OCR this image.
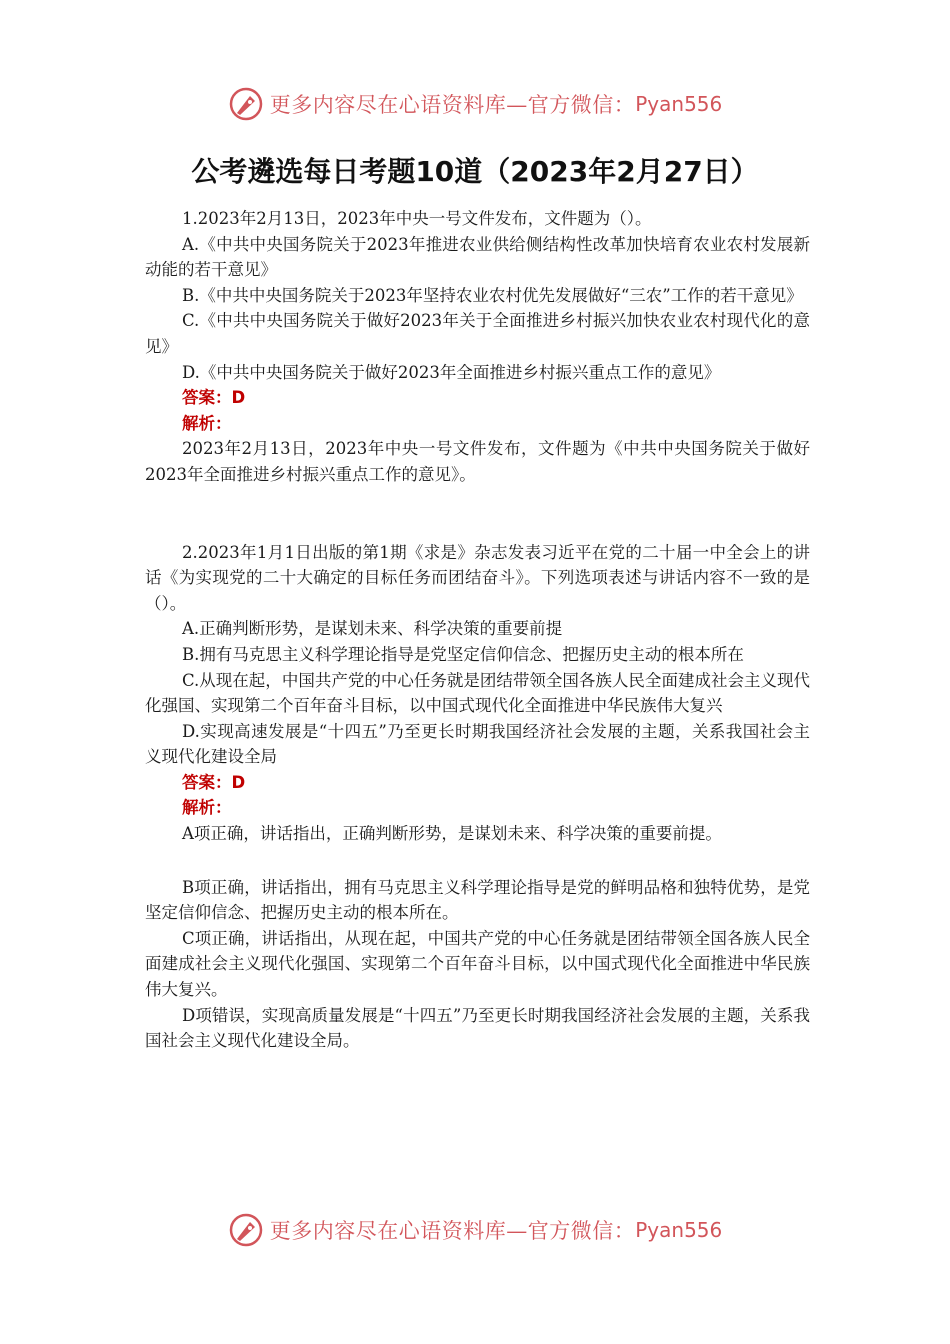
更多内容尽在心语资料库—官方微信： Pyan556
公考遴选每日考题10道（2023年2月27日）

1.2023年2月13日，2023年中央一号文件发布，文件题为（）。

A.《中共中央国务院关于2023年推进农业供给侧结构性改革加快培育农业农村发展新动能的若干意见》

B.《中共中央国务院关于2023年坚持农业农村优先发展做好“三农”工作的若干意见》

C.《中共中央国务院关于做好2023年关于全面推进乡村振兴加快农业农村现代化的意见》

D.《中共中央国务院关于做好2023年全面推进乡村振兴重点工作的意见》

答案：D

解析：

2023年2月13日，2023年中央一号文件发布，文件题为《中共中央国务院关于做好2023年全面推进乡村振兴重点工作的意见》。

2.2023年1月1日出版的第1期《求是》杂志发表习近平在党的二十届一中全会上的讲话《为实现党的二十大确定的目标任务而团结奋斗》。下列选项表述与讲话内容不一致的是（）。

A.正确判断形势，是谋划未来、科学决策的重要前提

B.拥有马克思主义科学理论指导是党坚定信仰信念、把握历史主动的根本所在

C.从现在起，中国共产党的中心任务就是团结带领全国各族人民全面建成社会主义现代化强国、实现第二个百年奋斗目标，以中国式现代化全面推进中华民族伟大复兴

D.实现高速发展是“十四五”乃至更长时期我国经济社会发展的主题，关系我国社会主义现代化建设全局

答案：D

解析：

A项正确，讲话指出，正确判断形势，是谋划未来、科学决策的重要前提。

B项正确，讲话指出，拥有马克思主义科学理论指导是党的鲜明品格和独特优势，是党坚定信仰信念、把握历史主动的根本所在。

C项正确，讲话指出，从现在起，中国共产党的中心任务就是团结带领全国各族人民全面建成社会主义现代化强国、实现第二个百年奋斗目标，以中国式现代化全面推进中华民族伟大复兴。

D项错误，实现高质量发展是“十四五”乃至更长时期我国经济社会发展的主题，关系我国社会主义现代化建设全局。

更多内容尽在心语资料库—官方微信： Pyan556
